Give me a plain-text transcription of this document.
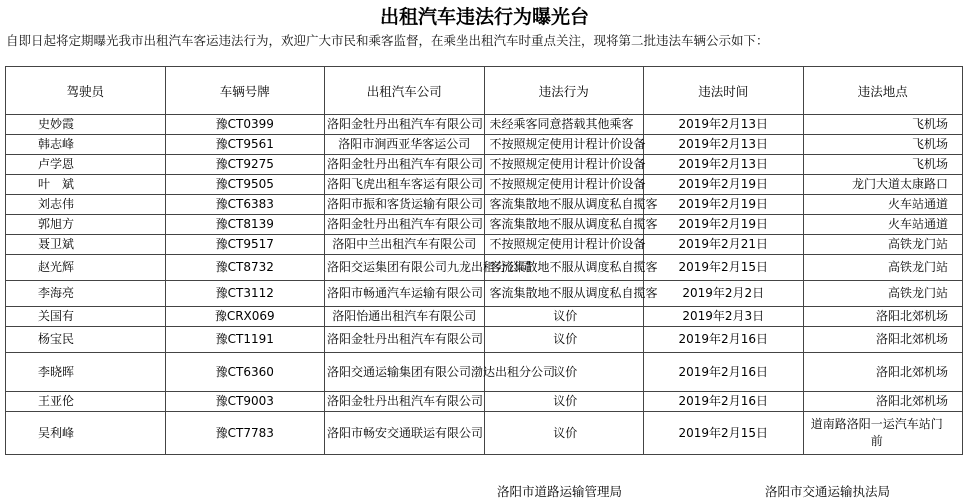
出租汽车违法行为曝光台
自即日起将定期曝光我市出租汽车客运违法行为，欢迎广大市民和乘客监督，在乘坐出租汽车时重点关注，现将第二批违法车辆公示如下：
驾驶员	车辆号牌	出租汽车公司	违法行为	违法时间	违法地点
史妙霞	豫CT0399	洛阳金牡丹出租汽车有限公司	未经乘客同意搭载其他乘客	2019年2月13日	飞机场
韩志峰	豫CT9561	洛阳市涧西亚华客运公司	不按照规定使用计程计价设备	2019年2月13日	飞机场
卢学恩	豫CT9275	洛阳金牡丹出租汽车有限公司	不按照规定使用计程计价设备	2019年2月13日	飞机场
叶　斌	豫CT9505	洛阳飞虎出租车客运有限公司	不按照规定使用计程计价设备	2019年2月19日	龙门大道太康路口
刘志伟	豫CT6383	洛阳市振和客货运输有限公司	客流集散地不服从调度私自揽客	2019年2月19日	火车站通道
郭旭方	豫CT8139	洛阳金牡丹出租汽车有限公司	客流集散地不服从调度私自揽客	2019年2月19日	火车站通道
聂卫斌	豫CT9517	洛阳中兰出租汽车有限公司	不按照规定使用计程计价设备	2019年2月21日	高铁龙门站
赵光辉	豫CT8732	洛阳交运集团有限公司九龙出租分公司	客流集散地不服从调度私自揽客	2019年2月15日	高铁龙门站
李海亮	豫CT3112	洛阳市畅通汽车运输有限公司	客流集散地不服从调度私自揽客	2019年2月2日	高铁龙门站
关国有	豫CRX069	洛阳怡通出租汽车有限公司	议价	2019年2月3日	洛阳北郊机场
杨宝民	豫CT1191	洛阳金牡丹出租汽车有限公司	议价	2019年2月16日	洛阳北郊机场
李晓晖	豫CT6360	洛阳交通运输集团有限公司渤达出租分公司	议价	2019年2月16日	洛阳北郊机场
王亚伦	豫CT9003	洛阳金牡丹出租汽车有限公司	议价	2019年2月16日	洛阳北郊机场
吴利峰	豫CT7783	洛阳市畅安交通联运有限公司	议价	2019年2月15日	道南路洛阳一运汽车站门前
洛阳市道路运输管理局	洛阳市交通运输执法局
